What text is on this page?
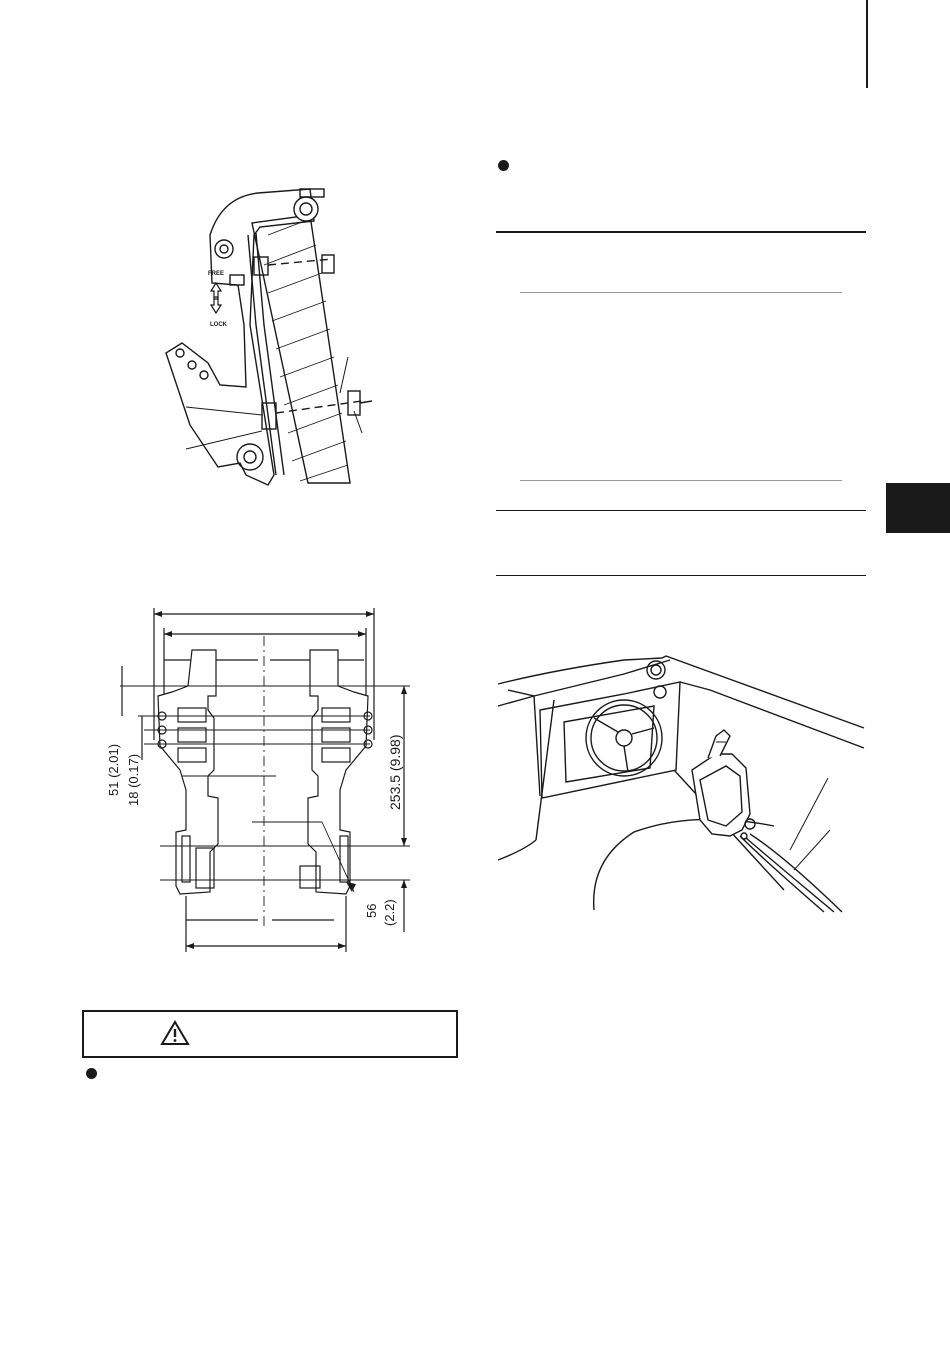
FREE
LOCK
253.5 (9.98)
51 (2.01) 18 (0.17)
56 (2.2)
